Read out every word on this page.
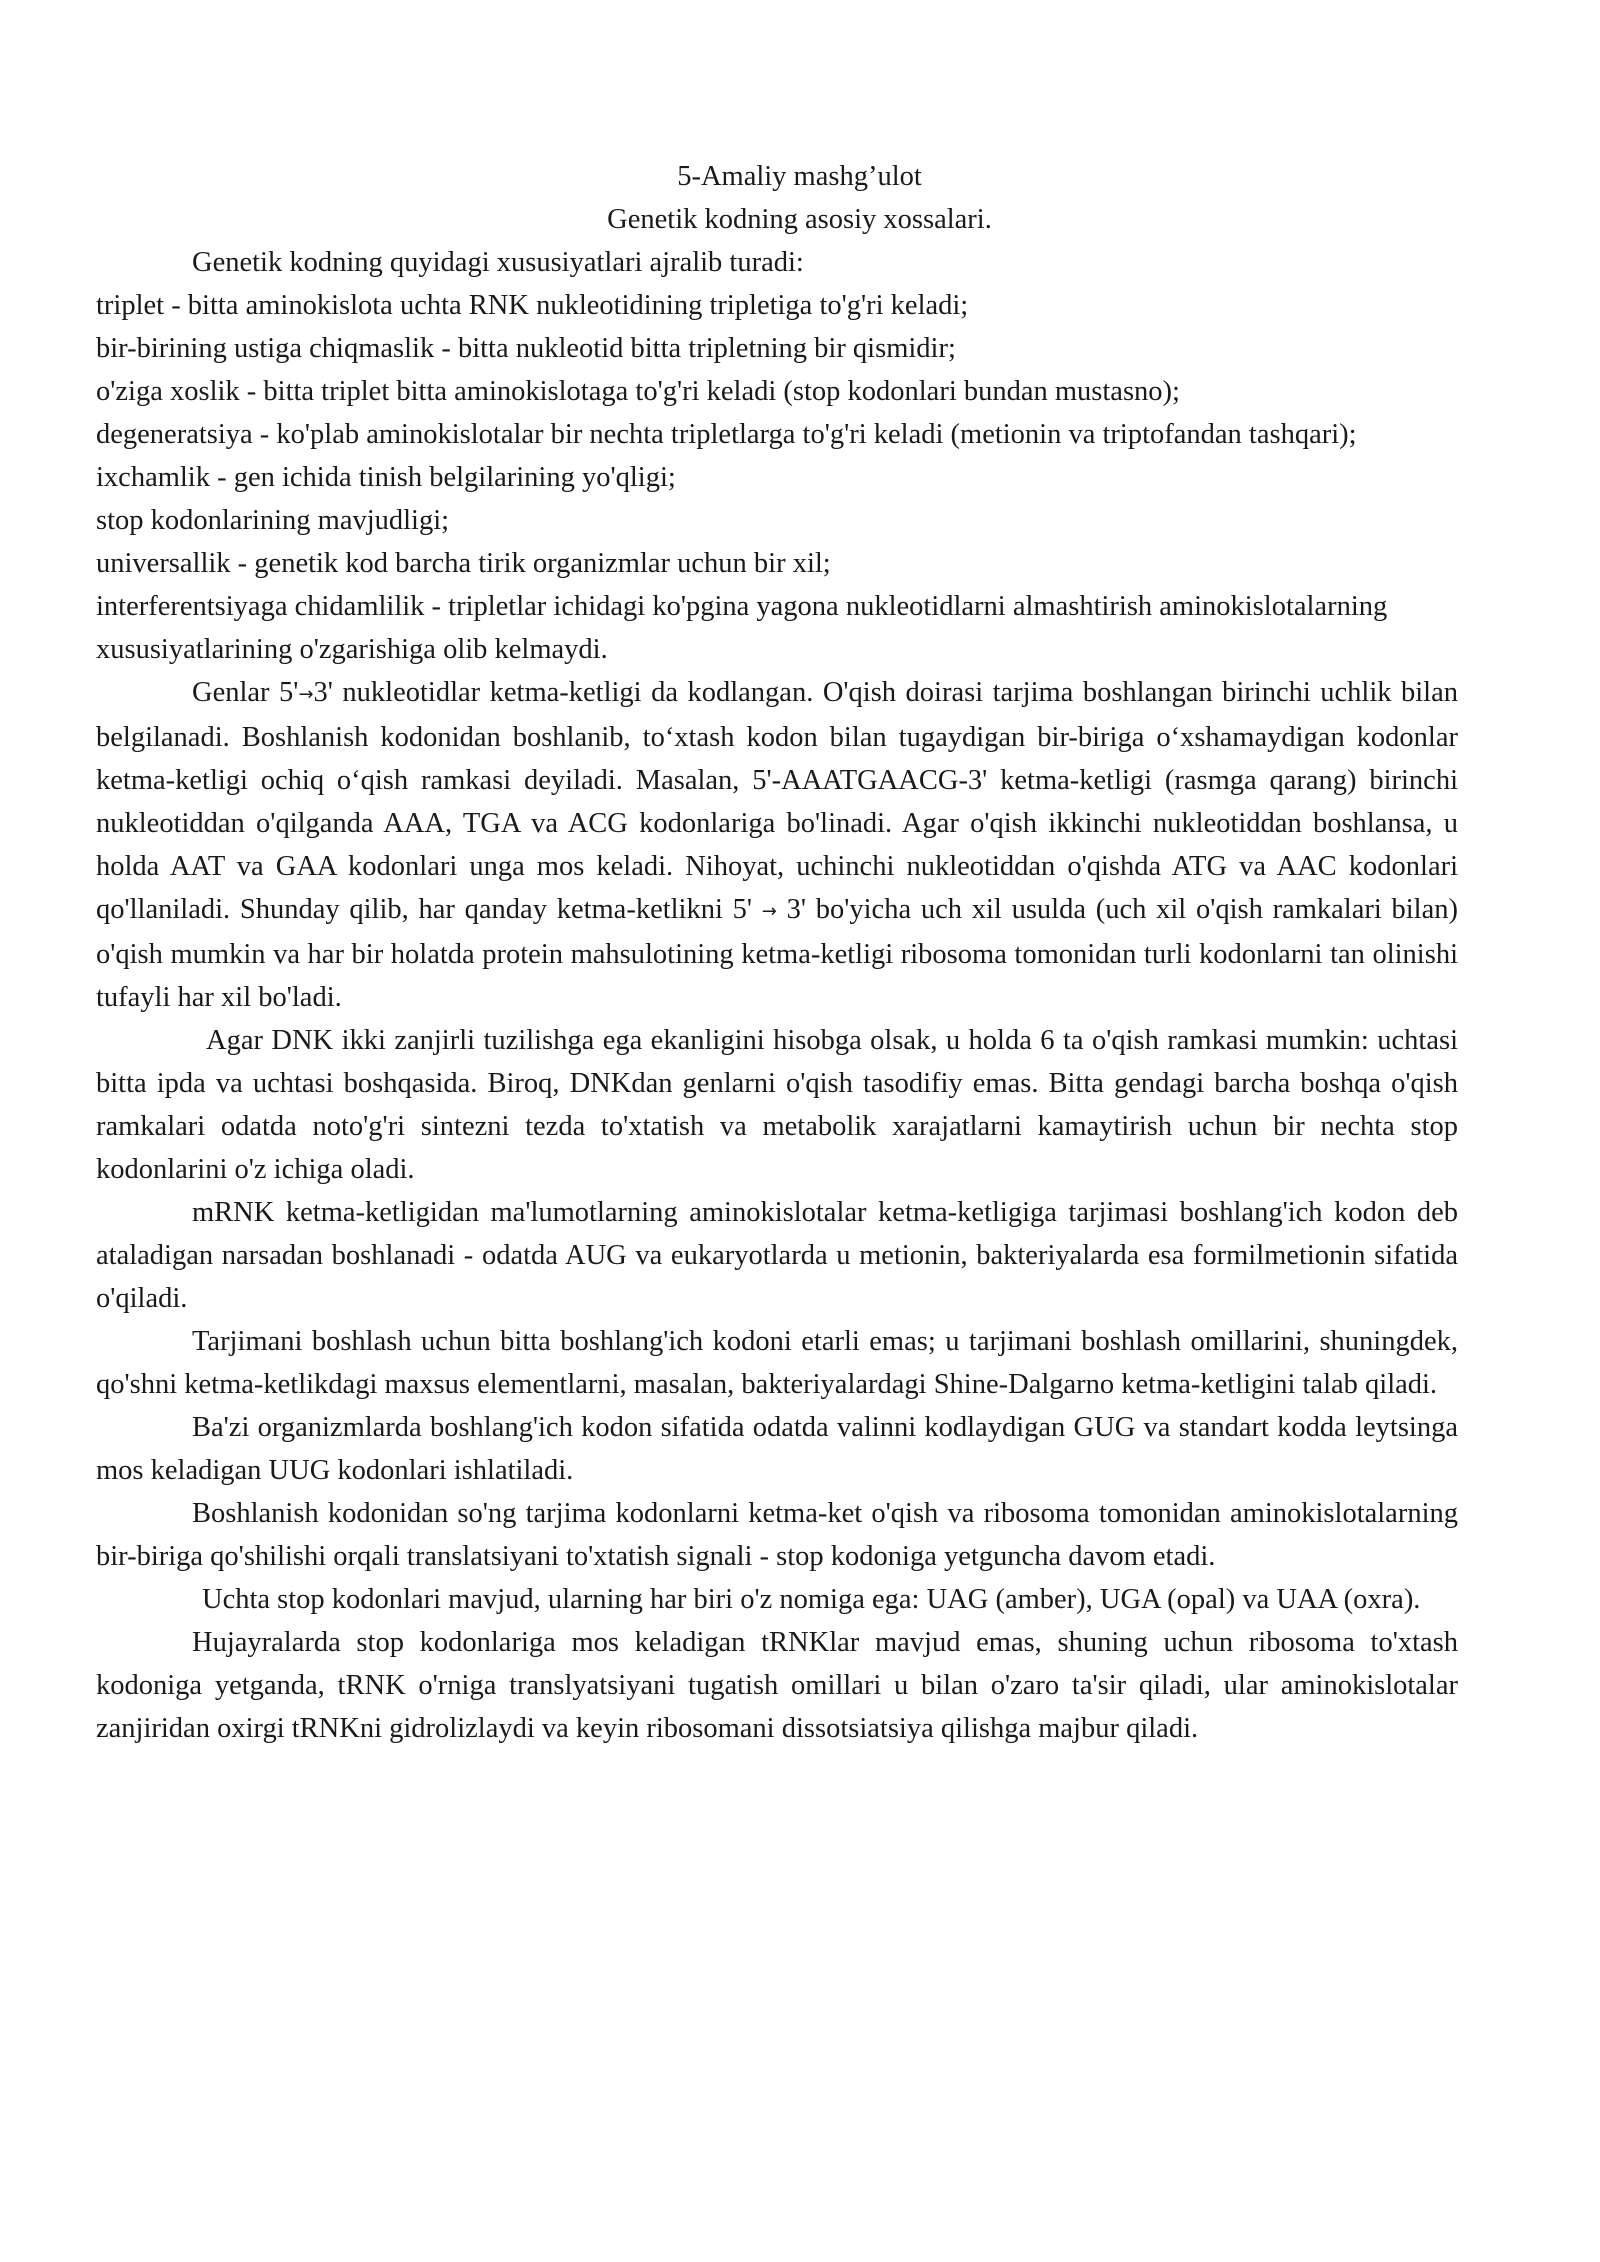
5-Amaliy mashg’ulot

Genetik kodning asosiy xossalari.

Genetik kodning quyidagi xususiyatlari ajralib turadi:

triplet - bitta aminokislota uchta RNK nukleotidining tripletiga to'g'ri keladi;

bir-birining ustiga chiqmaslik - bitta nukleotid bitta tripletning bir qismidir;

o'ziga xoslik - bitta triplet bitta aminokislotaga to'g'ri keladi (stop kodonlari bundan mustasno);

degeneratsiya - ko'plab aminokislotalar bir nechta tripletlarga to'g'ri keladi (metionin va triptofandan tashqari);

ixchamlik - gen ichida tinish belgilarining yo'qligi;

stop kodonlarining mavjudligi;

universallik - genetik kod barcha tirik organizmlar uchun bir xil;

interferentsiyaga chidamlilik - tripletlar ichidagi ko'pgina yagona nukleotidlarni almashtirish aminokislotalarning xususiyatlarining o'zgarishiga olib kelmaydi.

Genlar 5'→3' nukleotidlar ketma-ketligi da kodlangan. O'qish doirasi tarjima boshlangan birinchi uchlik bilan belgilanadi. Boshlanish kodonidan boshlanib, to‘xtash kodon bilan tugaydigan bir-biriga o‘xshamaydigan kodonlar ketma-ketligi ochiq o‘qish ramkasi deyiladi. Masalan, 5'-AAATGAACG-3' ketma-ketligi (rasmga qarang) birinchi nukleotiddan o'qilganda AAA, TGA va ACG kodonlariga bo'linadi. Agar o'qish ikkinchi nukleotiddan boshlansa, u holda AAT va GAA kodonlari unga mos keladi. Nihoyat, uchinchi nukleotiddan o'qishda ATG va AAC kodonlari qo'llaniladi. Shunday qilib, har qanday ketma-ketlikni 5' → 3' bo'yicha uch xil usulda (uch xil o'qish ramkalari bilan) o'qish mumkin va har bir holatda protein mahsulotining ketma-ketligi ribosoma tomonidan turli kodonlarni tan olinishi tufayli har xil bo'ladi.

Agar DNK ikki zanjirli tuzilishga ega ekanligini hisobga olsak, u holda 6 ta o'qish ramkasi mumkin: uchtasi bitta ipda va uchtasi boshqasida. Biroq, DNKdan genlarni o'qish tasodifiy emas. Bitta gendagi barcha boshqa o'qish ramkalari odatda noto'g'ri sintezni tezda to'xtatish va metabolik xarajatlarni kamaytirish uchun bir nechta stop kodonlarini o'z ichiga oladi.

mRNK ketma-ketligidan ma'lumotlarning aminokislotalar ketma-ketligiga tarjimasi boshlang'ich kodon deb ataladigan narsadan boshlanadi - odatda AUG va eukaryotlarda u metionin, bakteriyalarda esa formilmetionin sifatida o'qiladi.

Tarjimani boshlash uchun bitta boshlang'ich kodoni etarli emas; u tarjimani boshlash omillarini, shuningdek, qo'shni ketma-ketlikdagi maxsus elementlarni, masalan, bakteriyalardagi Shine-Dalgarno ketma-ketligini talab qiladi.

Ba'zi organizmlarda boshlang'ich kodon sifatida odatda valinni kodlaydigan GUG va standart kodda leytsinga mos keladigan UUG kodonlari ishlatiladi.

Boshlanish kodonidan so'ng tarjima kodonlarni ketma-ket o'qish va ribosoma tomonidan aminokislotalarning bir-biriga qo'shilishi orqali translatsiyani to'xtatish signali - stop kodoniga yetguncha davom etadi.

Uchta stop kodonlari mavjud, ularning har biri o'z nomiga ega: UAG (amber), UGA (opal) va UAA (oxra).

Hujayralarda stop kodonlariga mos keladigan tRNKlar mavjud emas, shuning uchun ribosoma to'xtash kodoniga yetganda, tRNK o'rniga translyatsiyani tugatish omillari u bilan o'zaro ta'sir qiladi, ular aminokislotalar zanjiridan oxirgi tRNKni gidrolizlaydi va keyin ribosomani dissotsiatsiya qilishga majbur qiladi.
